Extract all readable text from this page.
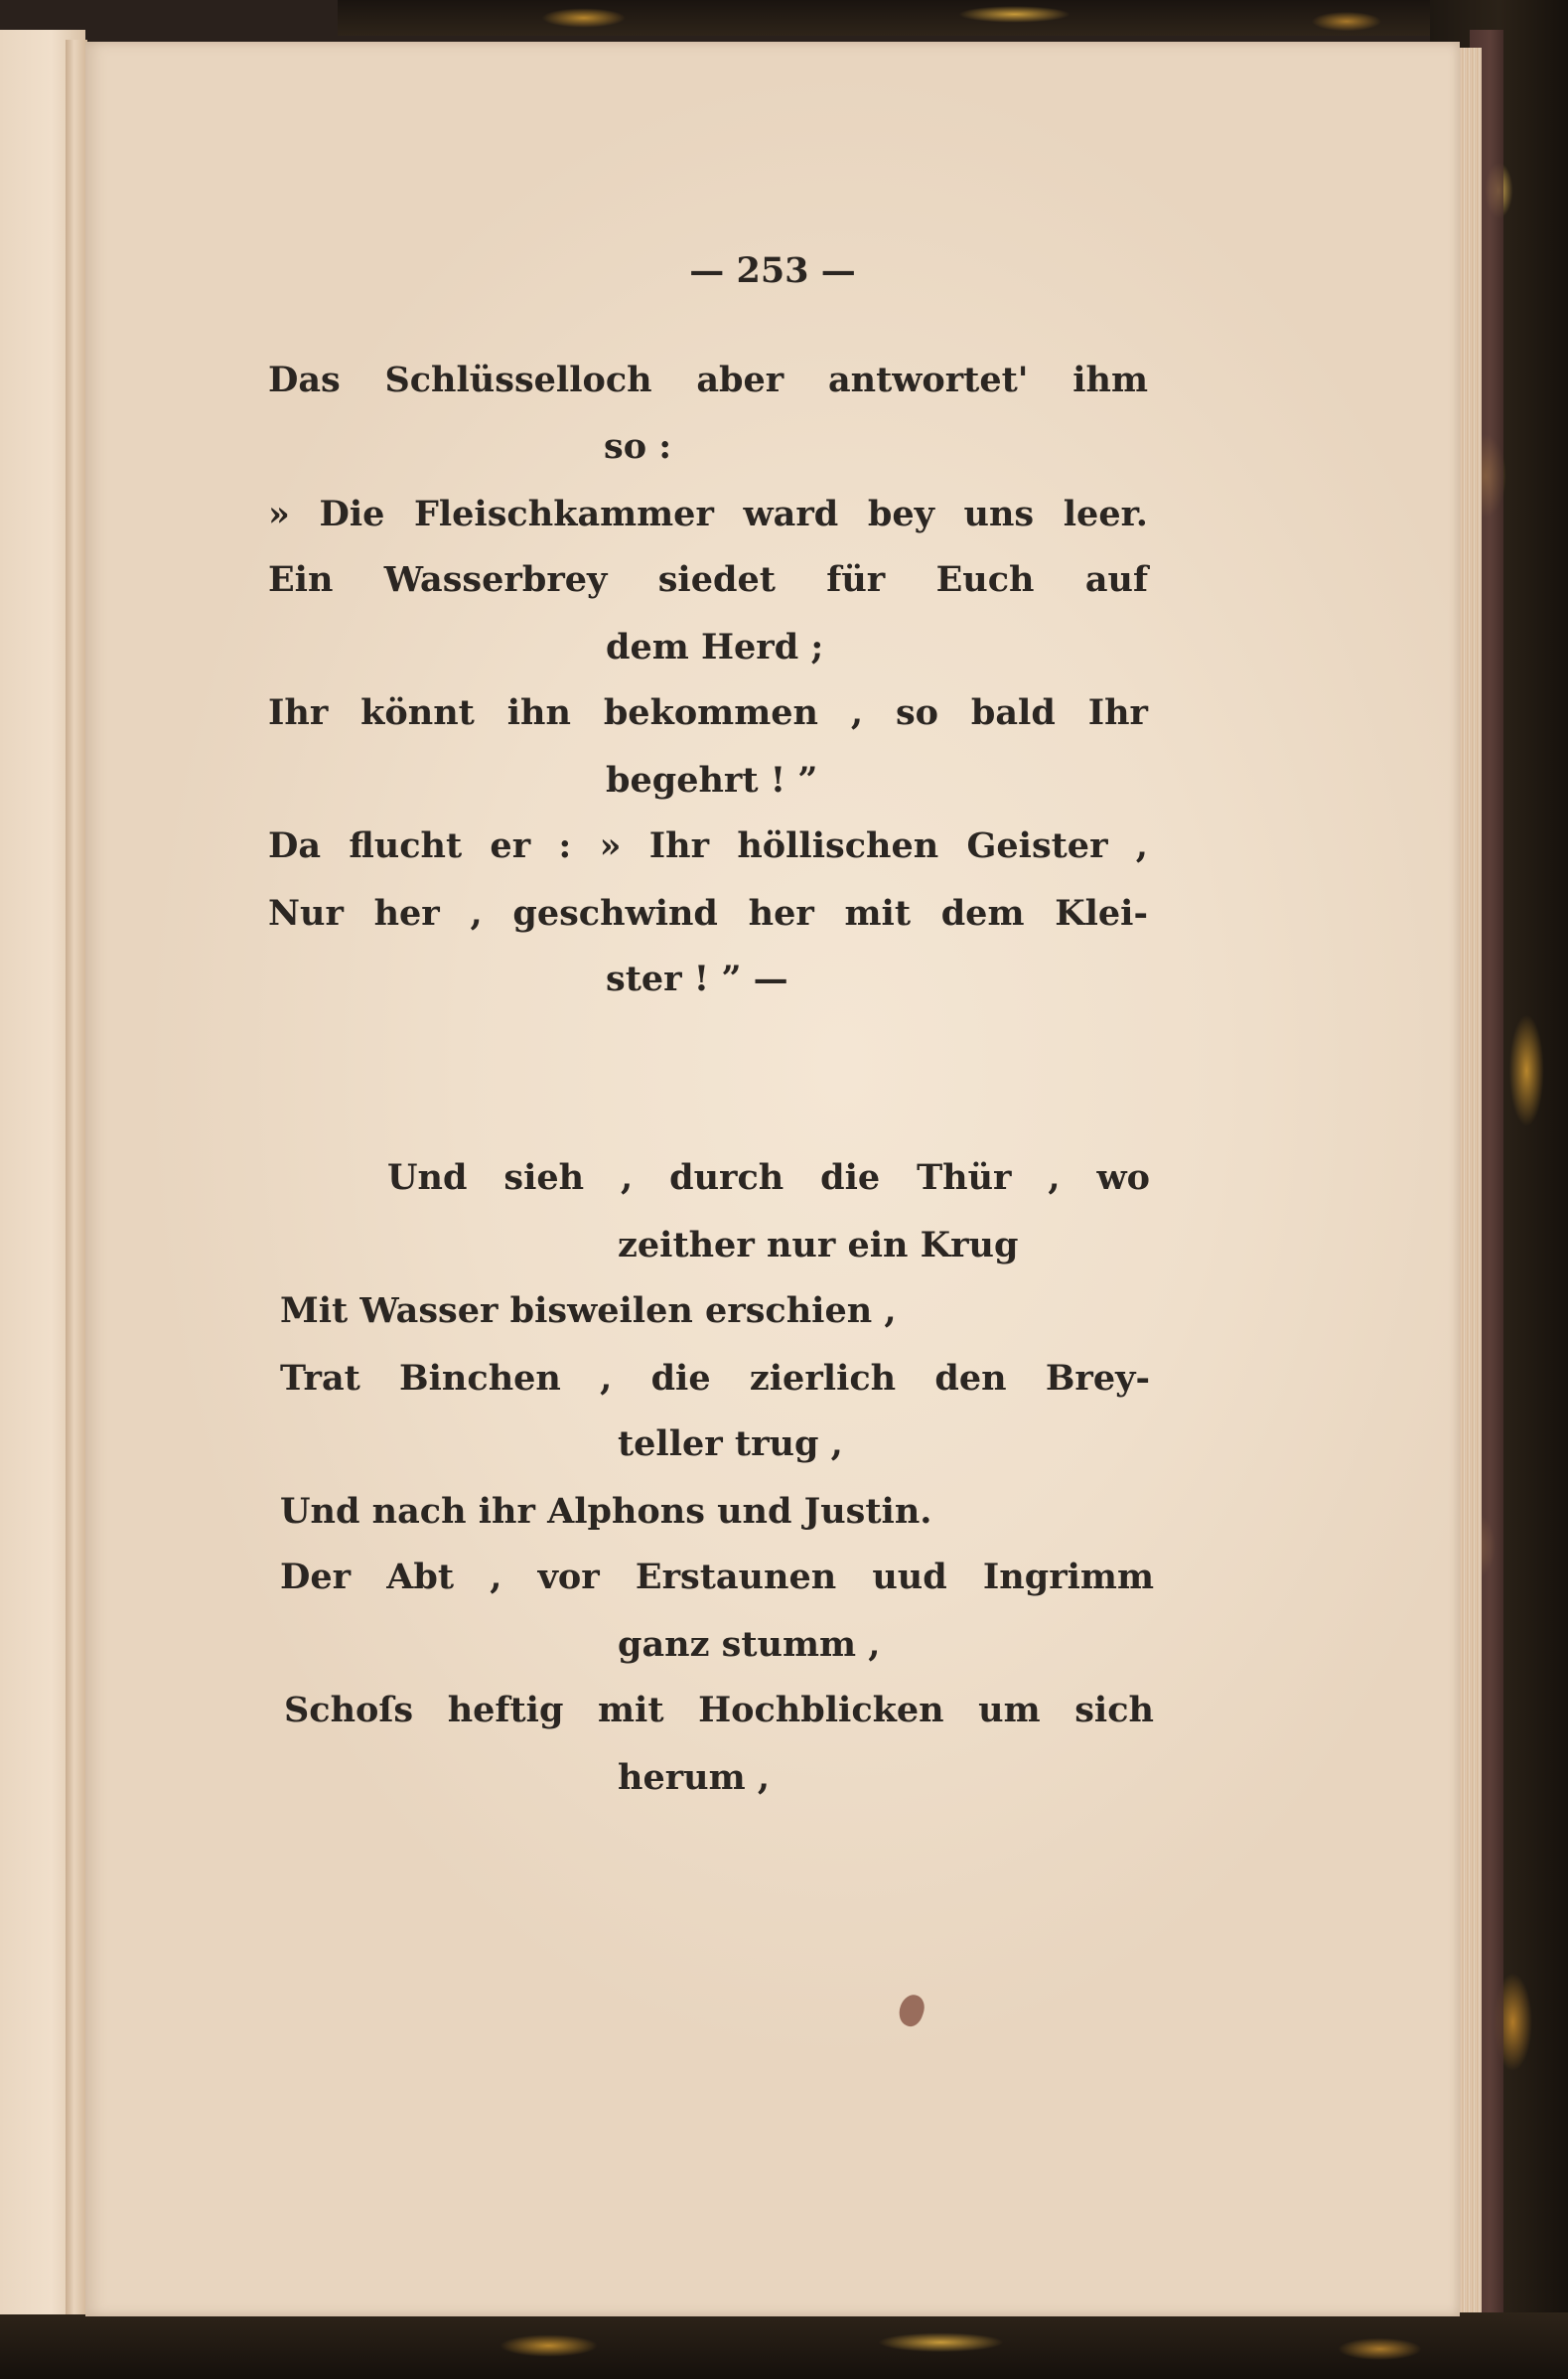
— 253 —
Das Schlüsselloch aber antwortet' ihm
so :
» Die Fleischkammer ward bey uns leer.
Ein Wasserbrey siedet für Euch auf
dem Herd ;
Ihr könnt ihn bekommen , so bald Ihr
begehrt ! ”
Da flucht er : » Ihr höllischen Geister ,
Nur her , geschwind her mit dem Klei-
ster ! ” —
Und sieh , durch die Thür , wo
zeither nur ein Krug
Mit Wasser bisweilen erschien ,
Trat Binchen , die zierlich den Brey-
teller trug ,
Und nach ihr Alphons und Justin.
Der Abt , vor Erstaunen uud Ingrimm
ganz stumm ,
Schoſs heftig mit Hochblicken um sich
herum ,
